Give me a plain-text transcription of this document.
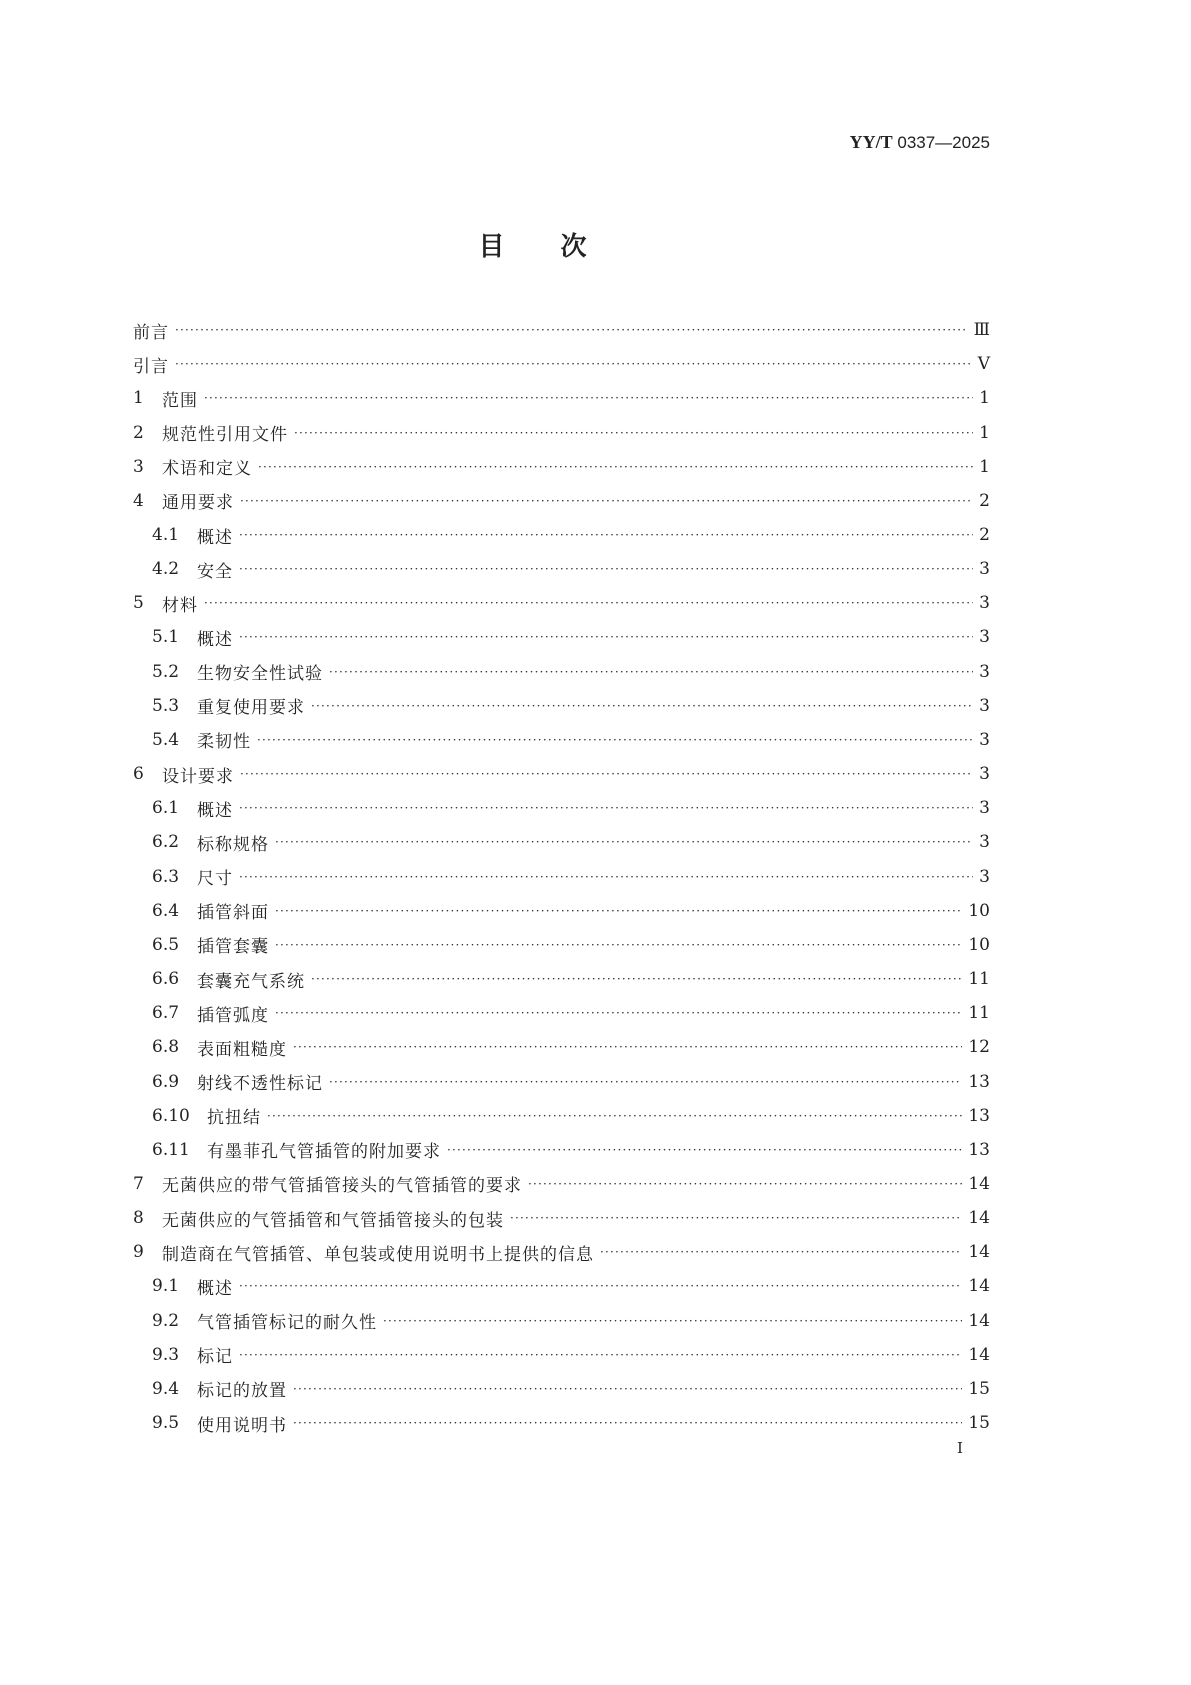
YY/T 0337—2025
目次
前言 ·····	Ⅲ
引言 ·····	Ⅴ
1	范围 ·····	1
2	规范性引用文件 ·····	1
3	术语和定义 ·····	1
4	通用要求 ·····	2
4.1	概述 ·····	2
4.2	安全 ·····	3
5	材料 ·····	3
5.1	概述 ·····	3
5.2	生物安全性试验 ·····	3
5.3	重复使用要求 ·····	3
5.4	柔韧性 ·····	3
6	设计要求 ·····	3
6.1	概述 ·····	3
6.2	标称规格 ·····	3
6.3	尺寸 ·····	3
6.4	插管斜面 ·····	10
6.5	插管套囊 ·····	10
6.6	套囊充气系统 ·····	11
6.7	插管弧度 ·····	11
6.8	表面粗糙度 ·····	12
6.9	射线不透性标记 ·····	13
6.10	抗扭结 ·····	13
6.11	有墨菲孔气管插管的附加要求 ·····	13
7	无菌供应的带气管插管接头的气管插管的要求 ·····	14
8	无菌供应的气管插管和气管插管接头的包装 ·····	14
9	制造商在气管插管、单包装或使用说明书上提供的信息 ·····	14
9.1	概述 ·····	14
9.2	气管插管标记的耐久性 ·····	14
9.3	标记 ·····	14
9.4	标记的放置 ·····	15
9.5	使用说明书 ·····	15
I
